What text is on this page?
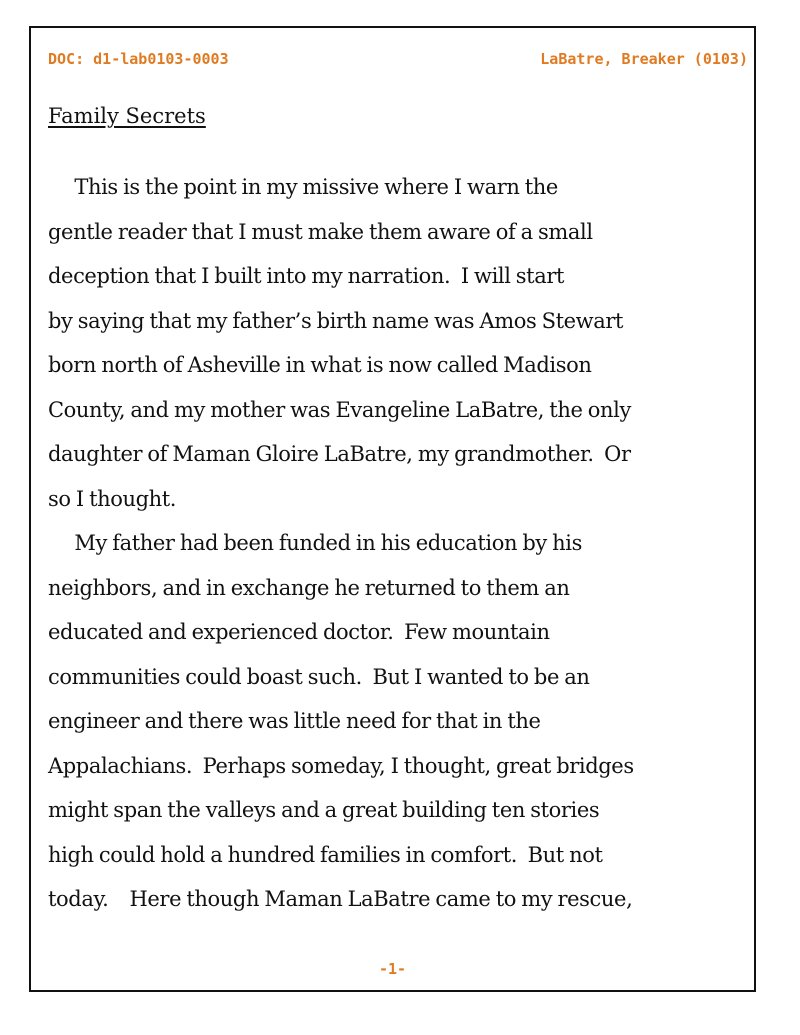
DOC: d1-lab0103-0003	LaBatre, Breaker (0103)
Family Secrets
This is the point in my missive where I warn the
gentle reader that I must make them aware of a small
deception that I built into my narration.  I will start
by saying that my father’s birth name was Amos Stewart
born north of Asheville in what is now called Madison
County, and my mother was Evangeline LaBatre, the only
daughter of Maman Gloire LaBatre, my grandmother.  Or
so I thought.
My father had been funded in his education by his
neighbors, and in exchange he returned to them an
educated and experienced doctor.  Few mountain
communities could boast such.  But I wanted to be an
engineer and there was little need for that in the
Appalachians.  Perhaps someday, I thought, great bridges
might span the valleys and a great building ten stories
high could hold a hundred families in comfort.  But not
today.    Here though Maman LaBatre came to my rescue,
-1-
